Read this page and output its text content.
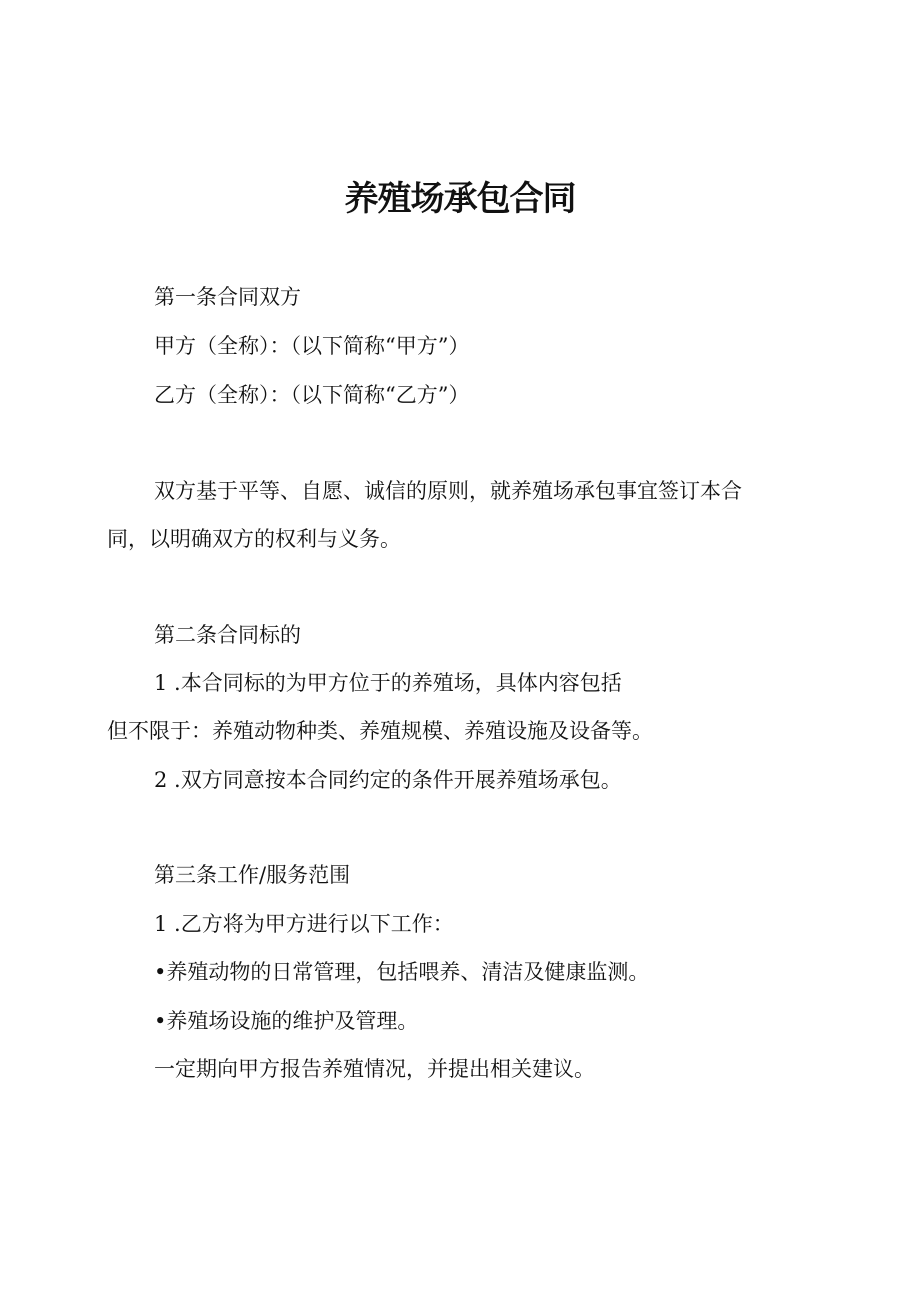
养殖场承包合同
第一条合同双方
甲方（全称）：（以下简称“甲方”）
乙方（全称）：（以下简称“乙方”）
双方基于平等、自愿、诚信的原则，就养殖场承包事宜签订本合
同，以明确双方的权利与义务。
第二条合同标的
1 .本合同标的为甲方位于的养殖场，具体内容包括
但不限于：养殖动物种类、养殖规模、养殖设施及设备等。
2 .双方同意按本合同约定的条件开展养殖场承包。
第三条工作/服务范围
1 .乙方将为甲方进行以下工作：
•养殖动物的日常管理，包括喂养、清洁及健康监测。
•养殖场设施的维护及管理。
一定期向甲方报告养殖情况，并提出相关建议。
